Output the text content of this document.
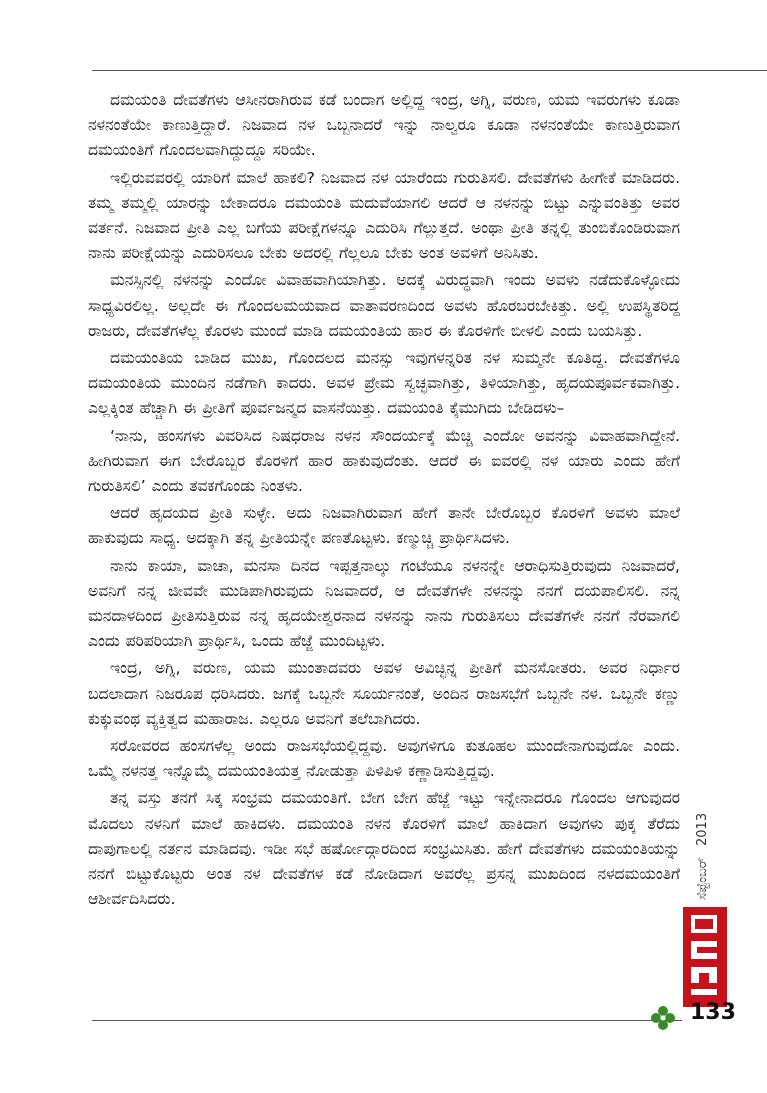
ದಮಯಂತಿ ದೇವತೆಗಳು ಆಸೀನರಾಗಿರುವ ಕಡೆ ಬಂದಾಗ ಅಲ್ಲಿದ್ದ ಇಂದ್ರ, ಅಗ್ನಿ, ವರುಣ, ಯಮ ಇವರುಗಳು ಕೂಡಾ ನಳನಂತೆಯೇ ಕಾಣುತ್ತಿದ್ದಾರೆ. ನಿಜವಾದ ನಳ ಒಬ್ಬನಾದರೆ ಇನ್ನು ನಾಲ್ವರೂ ಕೂಡಾ ನಳನಂತೆಯೇ ಕಾಣುತ್ತಿರುವಾಗ ದಮಯಂತಿಗೆ ಗೊಂದಲವಾಗಿದ್ದುದ್ದೂ ಸರಿಯೇ.

ಇಲ್ಲಿರುವವರಲ್ಲಿ ಯಾರಿಗೆ ಮಾಲೆ ಹಾಕಲಿ? ನಿಜವಾದ ನಳ ಯಾರೆಂದು ಗುರುತಿಸಲಿ. ದೇವತೆಗಳು ಹೀಗೇಕೆ ಮಾಡಿದರು. ತಮ್ಮ ತಮ್ಮಲ್ಲಿ ಯಾರನ್ನು ಬೇಕಾದರೂ ದಮಯಂತಿ ಮದುವೆಯಾಗಲಿ ಆದರೆ ಆ ನಳನನ್ನು ಬಿಟ್ಟು ಎನ್ನುವಂತಿತ್ತು ಅವರ ವರ್ತನೆ. ನಿಜವಾದ ಪ್ರೀತಿ ಎಲ್ಲ ಬಗೆಯ ಪರೀಕ್ಷೆಗಳನ್ನೂ ಎದುರಿಸಿ ಗೆಲ್ಲುತ್ತದೆ. ಅಂಥಾ ಪ್ರೀತಿ ತನ್ನಲ್ಲಿ ತುಂಬಿಕೊಂಡಿರುವಾಗ ನಾನು ಪರೀಕ್ಷೆಯನ್ನು ಎದುರಿಸಲೂ ಬೇಕು ಅದರಲ್ಲಿ ಗೆಲ್ಲಲೂ ಬೇಕು ಅಂತ ಅವಳಿಗೆ ಅನಿಸಿತು.

ಮನಸ್ಸಿನಲ್ಲಿ ನಳನನ್ನು ಎಂದೋ ವಿವಾಹವಾಗಿಯಾಗಿತ್ತು. ಅದಕ್ಕೆ ವಿರುದ್ಧವಾಗಿ ಇಂದು ಅವಳು ನಡೆದುಕೊಳ್ಳೋದು ಸಾಧ್ಯವಿರಲಿಲ್ಲ. ಅಲ್ಲದೇ ಈ ಗೊಂದಲಮಯವಾದ ವಾತಾವರಣದಿಂದ ಅವಳು ಹೊರಬರಬೇಕಿತ್ತು. ಅಲ್ಲಿ ಉಪಸ್ಥಿತರಿದ್ದ ರಾಜರು, ದೇವತೆಗಳೆಲ್ಲ ಕೊರಳು ಮುಂದೆ ಮಾಡಿ ದಮಯಂತಿಯ ಹಾರ ಈ ಕೊರಳಿಗೇ ಬೀಳಲಿ ಎಂದು ಬಯಸಿತ್ತು.

ದಮಯಂತಿಯ ಬಾಡಿದ ಮುಖ, ಗೊಂದಲದ ಮನಸ್ಸು ಇವುಗಳನ್ನರಿತ ನಳ ಸುಮ್ಮನೇ ಕೂತಿದ್ದ. ದೇವತೆಗಳೂ ದಮಯಂತಿಯ ಮುಂದಿನ ನಡೆಗಾಗಿ ಕಾದರು. ಅವಳ ಪ್ರೇಮ ಸ್ವಚ್ಛವಾಗಿತ್ತು, ತಿಳಿಯಾಗಿತ್ತು, ಹೃದಯಪೂರ್ವಕವಾಗಿತ್ತು. ಎಲ್ಲಕ್ಕಿಂತ ಹೆಚ್ಚಾಗಿ ಈ ಪ್ರೀತಿಗೆ ಪೂರ್ವಜನ್ಮದ ವಾಸನೆಯಿತ್ತು. ದಮಯಂತಿ ಕೈಮುಗಿದು ಬೇಡಿದಳು–

‘ನಾನು, ಹಂಸಗಳು ವಿವರಿಸಿದ ನಿಷಧರಾಜ ನಳನ ಸೌಂದರ್ಯಕ್ಕೆ ಮೆಚ್ಚಿ ಎಂದೋ ಅವನನ್ನು ವಿವಾಹವಾಗಿದ್ದೇನೆ. ಹೀಗಿರುವಾಗ ಈಗ ಬೇರೊಬ್ಬರ ಕೊರಳಿಗೆ ಹಾರ ಹಾಕುವುದೆಂತು. ಆದರೆ ಈ ಐವರಲ್ಲಿ ನಳ ಯಾರು ಎಂದು ಹೇಗೆ ಗುರುತಿಸಲಿ’ ಎಂದು ತವಕಗೊಂಡು ನಿಂತಳು.

ಆದರೆ ಹೃದಯದ ಪ್ರೀತಿ ಸುಳ್ಳೇ. ಅದು ನಿಜವಾಗಿರುವಾಗ ಹೇಗೆ ತಾನೇ ಬೇರೊಬ್ಬರ ಕೊರಳಿಗೆ ಅವಳು ಮಾಲೆ ಹಾಕುವುದು ಸಾಧ್ಯ. ಅದಕ್ಕಾಗಿ ತನ್ನ ಪ್ರೀತಿಯನ್ನೇ ಪಣತೊಟ್ಟಳು. ಕಣ್ಮುಚ್ಚಿ ಪ್ರಾರ್ಥಿಸಿದಳು.

ನಾನು ಕಾಯಾ, ವಾಚಾ, ಮನಸಾ ದಿನದ ಇಪ್ಪತ್ತನಾಲ್ಕು ಗಂಟೆಯೂ ನಳನನ್ನೇ ಆರಾಧಿಸುತ್ತಿರುವುದು ನಿಜವಾದರೆ, ಅವನಿಗೆ ನನ್ನ ಜೀವವೇ ಮುಡಿಪಾಗಿರುವುದು ನಿಜವಾದರೆ, ಆ ದೇವತೆಗಳೇ ನಳನನ್ನು ನನಗೆ ದಯಪಾಲಿಸಲಿ. ನನ್ನ ಮನದಾಳದಿಂದ ಪ್ರೀತಿಸುತ್ತಿರುವ ನನ್ನ ಹೃದಯೇಶ್ವರನಾದ ನಳನನ್ನು ನಾನು ಗುರುತಿಸಲು ದೇವತೆಗಳೇ ನನಗೆ ನೆರವಾಗಲಿ ಎಂದು ಪರಿಪರಿಯಾಗಿ ಪ್ರಾರ್ಥಿಸಿ, ಒಂದು ಹೆಜ್ಜೆ ಮುಂದಿಟ್ಟಳು.

ಇಂದ್ರ, ಅಗ್ನಿ, ವರುಣ, ಯಮ ಮುಂತಾದವರು ಅವಳ ಅವಿಚ್ಛಿನ್ನ ಪ್ರೀತಿಗೆ ಮನಸೋತರು. ಅವರ ನಿರ್ಧಾರ ಬದಲಾದಾಗ ನಿಜರೂಪ ಧರಿಸಿದರು. ಜಗಕ್ಕೆ ಒಬ್ಬನೇ ಸೂರ್ಯನಂತೆ, ಅಂದಿನ ರಾಜಸಭೆಗೆ ಒಬ್ಬನೇ ನಳ. ಒಬ್ಬನೇ ಕಣ್ಣು ಕುಕ್ಕುವಂಥ ವ್ಯಕ್ತಿತ್ವದ ಮಹಾರಾಜ. ಎಲ್ಲರೂ ಅವನಿಗೆ ತಲೆಬಾಗಿದರು.

ಸರೋವರದ ಹಂಸಗಳೆಲ್ಲ ಅಂದು ರಾಜಸಭೆಯಲ್ಲಿದ್ದವು. ಅವುಗಳಿಗೂ ಕುತೂಹಲ ಮುಂದೇನಾಗುವುದೋ ಎಂದು. ಒಮ್ಮೆ ನಳನತ್ತ ಇನ್ನೊಮ್ಮೆ ದಮಯಂತಿಯತ್ತ ನೋಡುತ್ತಾ ಪಿಳಿಪಿಳಿ ಕಣ್ಣಾಡಿಸುತ್ತಿದ್ದವು.

ತನ್ನ ವಸ್ತು ತನಗೆ ಸಿಕ್ಕ ಸಂಭ್ರಮ ದಮಯಂತಿಗೆ. ಬೇಗ ಬೇಗ ಹೆಜ್ಜೆ ಇಟ್ಟು ಇನ್ನೇನಾದರೂ ಗೊಂದಲ ಆಗುವುದರ ಮೊದಲು ನಳನಿಗೆ ಮಾಲೆ ಹಾಕಿದಳು. ದಮಯಂತಿ ನಳನ ಕೊರಳಿಗೆ ಮಾಲೆ ಹಾಕಿದಾಗ ಅವುಗಳು ಪುಕ್ಕ ತೆರೆದು ದಾಪುಗಾಲಲ್ಲಿ ನರ್ತನ ಮಾಡಿದವು. ಇಡೀ ಸಭೆ ಹರ್ಷೋದ್ಗಾರದಿಂದ ಸಂಭ್ರಮಿಸಿತು. ಹೇಗೆ ದೇವತೆಗಳು ದಮಯಂತಿಯನ್ನು ನನಗೆ ಬಿಟ್ಟುಕೊಟ್ಟರು ಅಂತ ನಳ ದೇವತೆಗಳ ಕಡೆ ನೋಡಿದಾಗ ಅವರೆಲ್ಲ ಪ್ರಸನ್ನ ಮುಖದಿಂದ ನಳದಮಯಂತಿಗೆ ಆಶೀರ್ವದಿಸಿದರು.

2013
ಸೆಪ್ಟೆಂಬರ್
133
